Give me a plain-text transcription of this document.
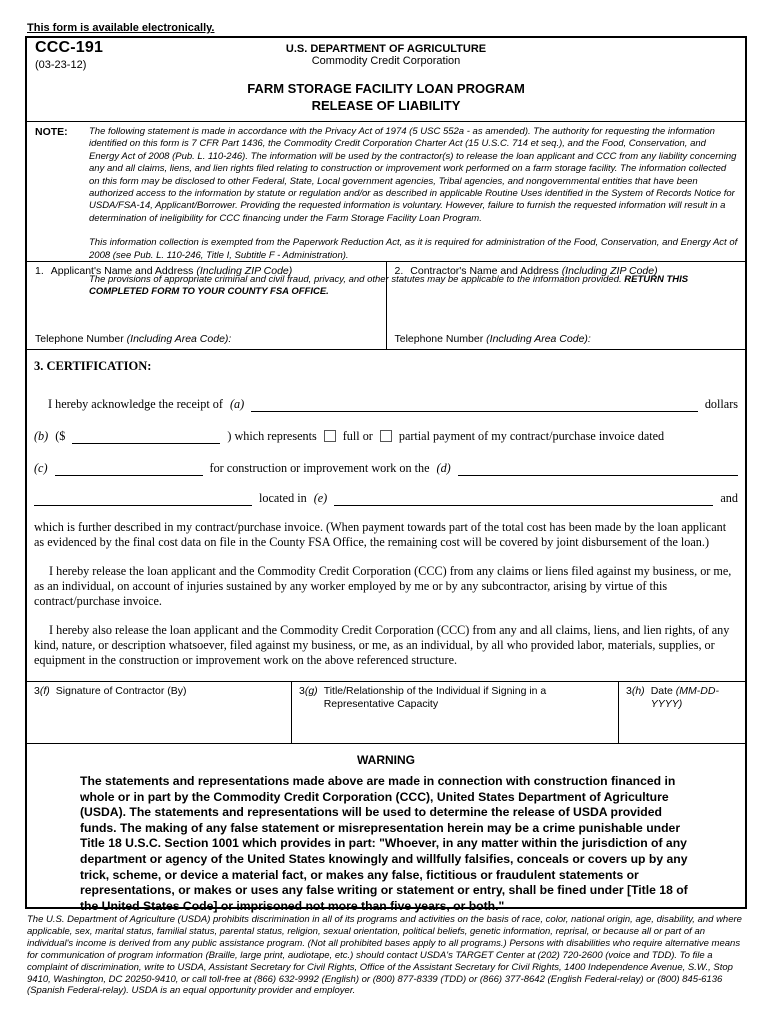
This form is available electronically.
CCC-191
(03-23-12)
U.S. DEPARTMENT OF AGRICULTURE
Commodity Credit Corporation
FARM STORAGE FACILITY LOAN PROGRAM
RELEASE OF LIABILITY
NOTE:	The following statement is made in accordance with the Privacy Act of 1974 (5 USC 552a - as amended). The authority for requesting the information identified on this form is 7 CFR Part 1436, the Commodity Credit Corporation Charter Act (15 U.S.C. 714 et seq.), and the Food, Conservation, and Energy Act of 2008 (Pub. L. 110-246). The information will be used by the contractor(s) to release the loan applicant and CCC from any liability concerning any and all claims, liens, and lien rights filed relating to construction or improvement work performed on a farm storage facility. The information collected on this form may be disclosed to other Federal, State, Local government agencies, Tribal agencies, and nongovernmental entities that have been authorized access to the information by statute or regulation and/or as described in applicable Routine Uses identified in the System of Records Notice for USDA/FSA-14, Applicant/Borrower. Providing the requested information is voluntary. However, failure to furnish the requested information will result in a determination of ineligibility for CCC financing under the Farm Storage Facility Loan Program.

This information collection is exempted from the Paperwork Reduction Act, as it is required for administration of the Food, Conservation, and Energy Act of 2008 (see Pub. L. 110-246, Title I, Subtitle F - Administration).

The provisions of appropriate criminal and civil fraud, privacy, and other statutes may be applicable to the information provided. RETURN THIS COMPLETED FORM TO YOUR COUNTY FSA OFFICE.

1. Applicant's Name and Address (Including ZIP Code)
Telephone Number (Including Area Code):
2. Contractor's Name and Address (Including ZIP Code)
Telephone Number (Including Area Code):
3. CERTIFICATION:
I hereby acknowledge the receipt of (a)	dollars
(b) ($	) which represents full or partial payment of my contract/purchase invoice dated
(c)	for construction or improvement work on the (d)
located in (e)	and

which is further described in my contract/purchase invoice. (When payment towards part of the total cost has been made by the loan applicant as evidenced by the final cost data on file in the County FSA Office, the remaining cost will be covered by joint disbursement of the loan.)

I hereby release the loan applicant and the Commodity Credit Corporation (CCC) from any claims or liens filed against my business, or me, as an individual, on account of injuries sustained by any worker employed by me or by any subcontractor, arising by virtue of this contract/purchase invoice.

I hereby also release the loan applicant and the Commodity Credit Corporation (CCC) from any and all claims, liens, and lien rights, of any kind, nature, or description whatsoever, filed against my business, or me, as an individual, by all who provided labor, materials, supplies, or equipment in the construction or improvement work on the above referenced structure.

3(f) Signature of Contractor (By)	3(g) Title/Relationship of the Individual if Signing in a Representative Capacity
3(h) Date (MM-DD-YYYY)
WARNING
The statements and representations made above are made in connection with construction financed in whole or in part by the Commodity Credit Corporation (CCC), United States Department of Agriculture (USDA). The statements and representations will be used to determine the release of USDA provided funds. The making of any false statement or misrepresentation herein may be a crime punishable under Title 18 U.S.C. Section 1001 which provides in part: "Whoever, in any matter within the jurisdiction of any department or agency of the United States knowingly and willfully falsifies, conceals or covers up by any trick, scheme, or device a material fact, or makes any false, fictitious or fraudulent statements or representations, or makes or uses any false writing or statement or entry, shall be fined under [Title 18 of the United States Code] or imprisoned not more than five years, or both."
The U.S. Department of Agriculture (USDA) prohibits discrimination in all of its programs and activities on the basis of race, color, national origin, age, disability, and where applicable, sex, marital status, familial status, parental status, religion, sexual orientation, political beliefs, genetic information, reprisal, or because all or part of an individual's income is derived from any public assistance program. (Not all prohibited bases apply to all programs.) Persons with disabilities who require alternative means for communication of program information (Braille, large print, audiotape, etc.) should contact USDA's TARGET Center at (202) 720-2600 (voice and TDD). To file a complaint of discrimination, write to USDA, Assistant Secretary for Civil Rights, Office of the Assistant Secretary for Civil Rights, 1400 Independence Avenue, S.W., Stop 9410, Washington, DC 20250-9410, or call toll-free at (866) 632-9992 (English) or (800) 877-8339 (TDD) or (866) 377-8642 (English Federal-relay) or (800) 845-6136 (Spanish Federal-relay). USDA is an equal opportunity provider and employer.
